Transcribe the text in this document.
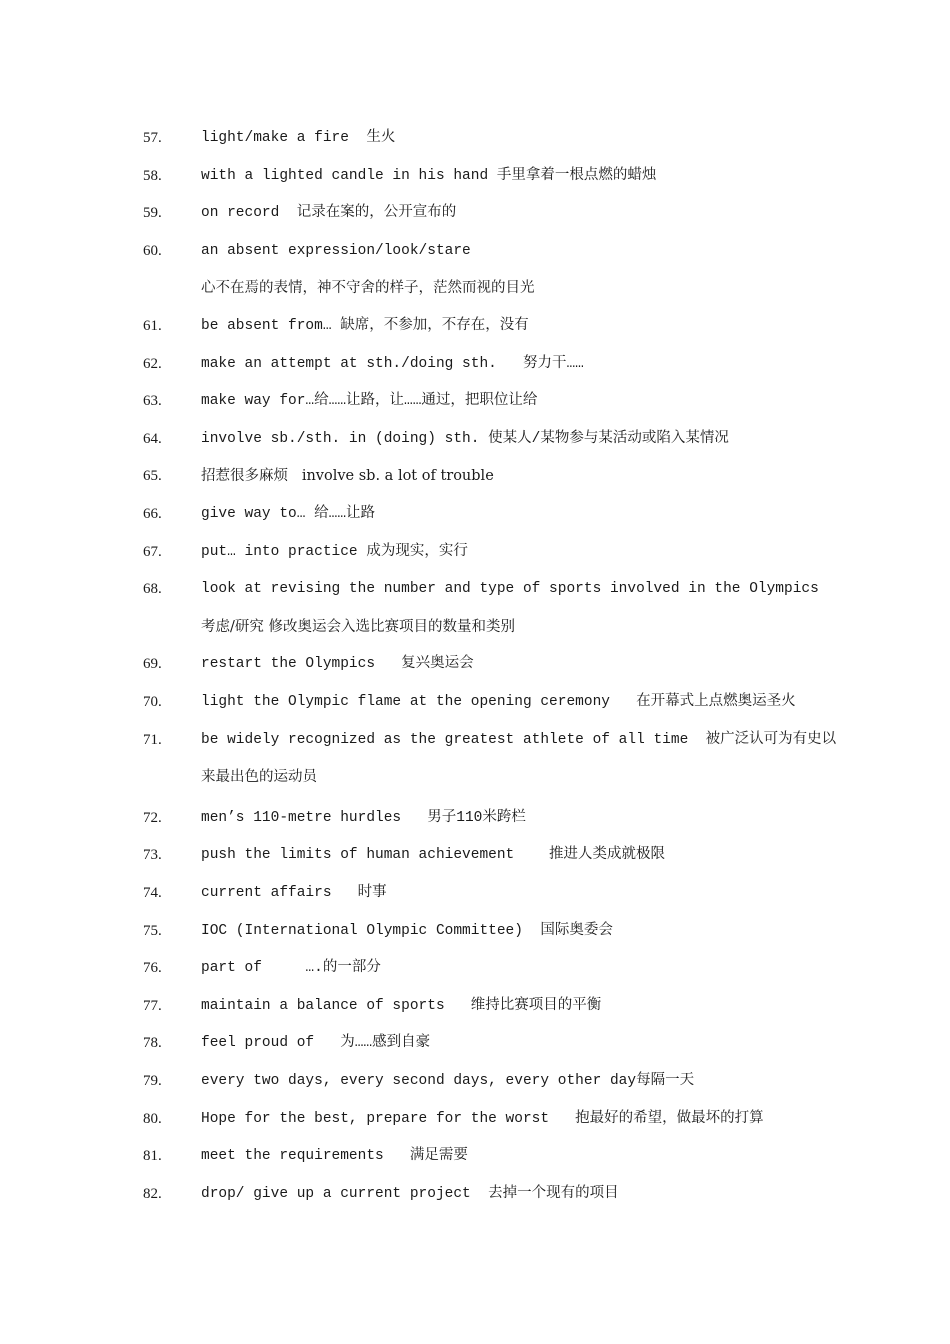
57.	light/make a fire  生火
58.	with a lighted candle in his hand 手里拿着一根点燃的蜡烛
59.	on record  记录在案的，公开宣布的
60.	an absent expression/look/stare
心不在焉的表情，神不守舍的样子，茫然而视的目光
61.	be absent from… 缺席，不参加，不存在，没有
62.	make an attempt at sth./doing sth.   努力干……
63.	make way for…给……让路，让……通过，把职位让给
64.	involve sb./sth. in (doing) sth. 使某人/某物参与某活动或陷入某情况
65.	招惹很多麻烦   involve sb. a lot of trouble
66.	give way to… 给……让路
67.	put… into practice 成为现实，实行
68.	look at revising the number and type of sports involved in the Olympics
考虑/研究 修改奥运会入选比赛项目的数量和类别
69.	restart the Olympics   复兴奥运会
70.	light the Olympic flame at the opening ceremony   在开幕式上点燃奥运圣火
71.	be widely recognized as the greatest athlete of all time  被广泛认可为有史以
来最出色的运动员
72.	men’s 110-metre hurdles   男子110米跨栏
73.	push the limits of human achievement    推进人类成就极限
74.	current affairs   时事
75.	IOC (International Olympic Committee)  国际奥委会
76.	part of     ….的一部分
77.	maintain a balance of sports   维持比赛项目的平衡
78.	feel proud of   为……感到自豪
79.	every two days, every second days, every other day每隔一天
80.	Hope for the best, prepare for the worst   抱最好的希望，做最坏的打算
81.	meet the requirements   满足需要
82.	drop/ give up a current project  去掉一个现有的项目
